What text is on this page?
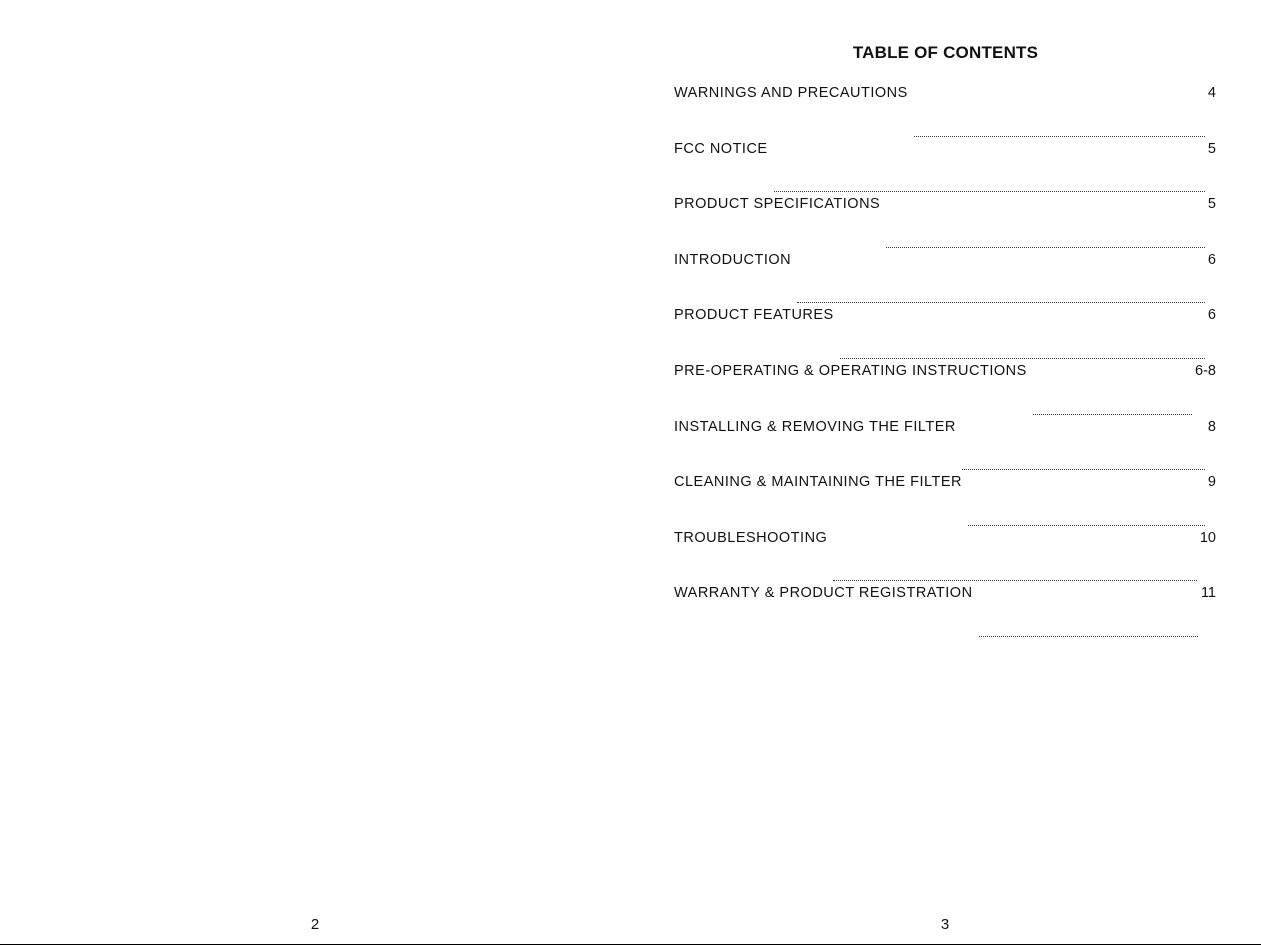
2
TABLE OF CONTENTS
WARNINGS AND PRECAUTIONS	4
FCC NOTICE	5
PRODUCT SPECIFICATIONS	5
INTRODUCTION	6
PRODUCT FEATURES	6
PRE-OPERATING & OPERATING INSTRUCTIONS	6-8
INSTALLING & REMOVING THE FILTER	8
CLEANING & MAINTAINING THE FILTER	9
TROUBLESHOOTING	10
WARRANTY & PRODUCT REGISTRATION	11
3
